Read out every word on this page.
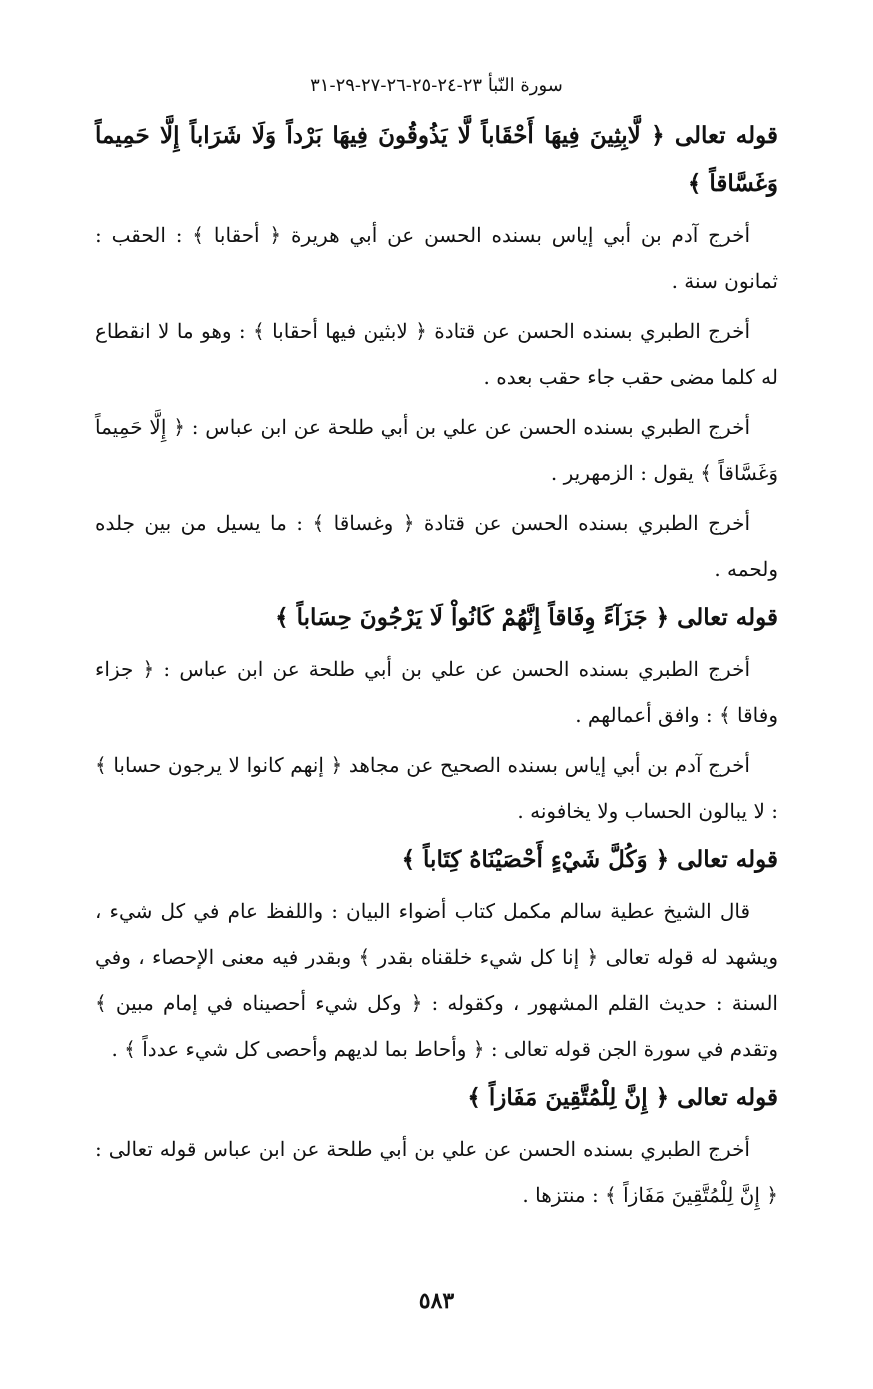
سورة النّبأ ٢٣-٢٤-٢٥-٢٦-٢٧-٢٩-٣١

قوله تعالى ﴿ لَّابِثِينَ فِيهَا أَحْقَاباً لَّا يَذُوقُونَ فِيهَا بَرْداً وَلَا شَرَاباً إِلَّا حَمِيماً وَغَسَّاقاً ﴾

أخرج آدم بن أبي إياس بسنده الحسن عن أبي هريرة ﴿ أحقابا ﴾ : الحقب : ثمانون سنة .

أخرج الطبري بسنده الحسن عن قتادة ﴿ لابثين فيها أحقابا ﴾ : وهو ما لا انقطاع له كلما مضى حقب جاء حقب بعده .

أخرج الطبري بسنده الحسن عن علي بن أبي طلحة عن ابن عباس : ﴿ إِلَّا حَمِيماً وَغَسَّاقاً ﴾ يقول : الزمهرير .

أخرج الطبري بسنده الحسن عن قتادة ﴿ وغساقا ﴾ : ما يسيل من بين جلده ولحمه .

قوله تعالى ﴿ جَزَآءً وِفَاقاً إِنَّهُمْ كَانُواْ لَا يَرْجُونَ حِسَاباً ﴾

أخرج الطبري بسنده الحسن عن علي بن أبي طلحة عن ابن عباس : ﴿ جزاء وفاقا ﴾ : وافق أعمالهم .

أخرج آدم بن أبي إياس بسنده الصحيح عن مجاهد ﴿ إنهم كانوا لا يرجون حسابا ﴾ : لا يبالون الحساب ولا يخافونه .

قوله تعالى ﴿ وَكُلَّ شَيْءٍ أَحْصَيْنَاهُ كِتَاباً ﴾

قال الشيخ عطية سالم مكمل كتاب أضواء البيان : واللفظ عام في كل شيء ، ويشهد له قوله تعالى ﴿ إنا كل شيء خلقناه بقدر ﴾ وبقدر فيه معنى الإحصاء ، وفي السنة : حديث القلم المشهور ، وكقوله : ﴿ وكل شيء أحصيناه في إمام مبين ﴾ وتقدم في سورة الجن قوله تعالى : ﴿ وأحاط بما لديهم وأحصى كل شيء عدداً ﴾ .

قوله تعالى ﴿ إِنَّ لِلْمُتَّقِينَ مَفَازاً ﴾

أخرج الطبري بسنده الحسن عن علي بن أبي طلحة عن ابن عباس قوله تعالى : ﴿ إِنَّ لِلْمُتَّقِينَ مَفَازاً ﴾ : منتزها .

٥٨٣
